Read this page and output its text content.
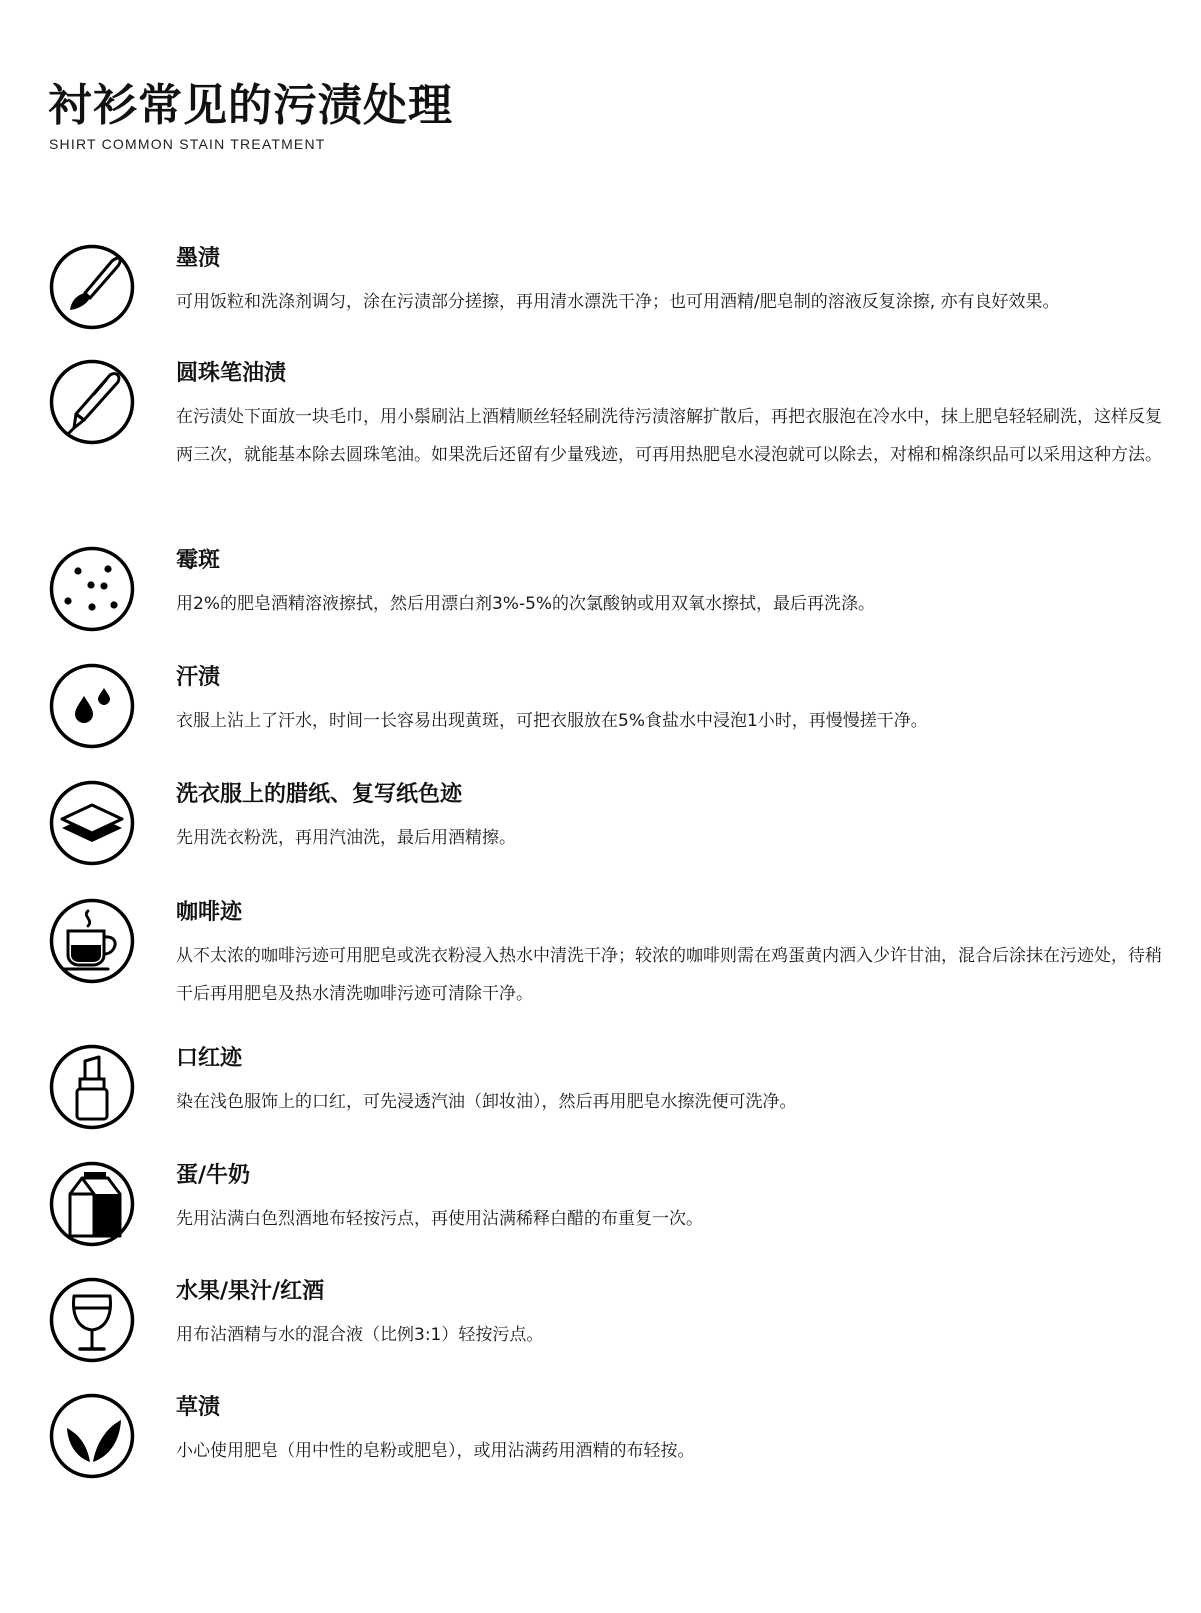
衬衫常见的污渍处理
SHIRT COMMON STAIN TREATMENT
墨渍
可用饭粒和洗涤剂调匀，涂在污渍部分搓擦，再用清水漂洗干净；也可用酒精/肥皂制的溶液反复涂擦, 亦有良好效果。
圆珠笔油渍
在污渍处下面放一块毛巾，用小鬃刷沾上酒精顺丝轻轻刷洗待污渍溶解扩散后，再把衣服泡在冷水中，抹上肥皂轻轻刷洗，这样反复两三次，就能基本除去圆珠笔油。如果洗后还留有少量残迹，可再用热肥皂水浸泡就可以除去，对棉和棉涤织品可以采用这种方法。
霉斑
用2%的肥皂酒精溶液擦拭，然后用漂白剂3%-5%的次氯酸钠或用双氧水擦拭，最后再洗涤。
汗渍
衣服上沾上了汗水，时间一长容易出现黄斑，可把衣服放在5%食盐水中浸泡1小时，再慢慢搓干净。
洗衣服上的腊纸、复写纸色迹
先用洗衣粉洗，再用汽油洗，最后用酒精擦。
咖啡迹
从不太浓的咖啡污迹可用肥皂或洗衣粉浸入热水中清洗干净；较浓的咖啡则需在鸡蛋黄内洒入少许甘油，混合后涂抹在污迹处，待稍干后再用肥皂及热水清洗咖啡污迹可清除干净。
口红迹
染在浅色服饰上的口红，可先浸透汽油（卸妆油），然后再用肥皂水擦洗便可洗净。
蛋/牛奶
先用沾满白色烈酒地布轻按污点，再使用沾满稀释白醋的布重复一次。
水果/果汁/红酒
用布沾酒精与水的混合液（比例3:1）轻按污点。
草渍
小心使用肥皂（用中性的皂粉或肥皂），或用沾满药用酒精的布轻按。
